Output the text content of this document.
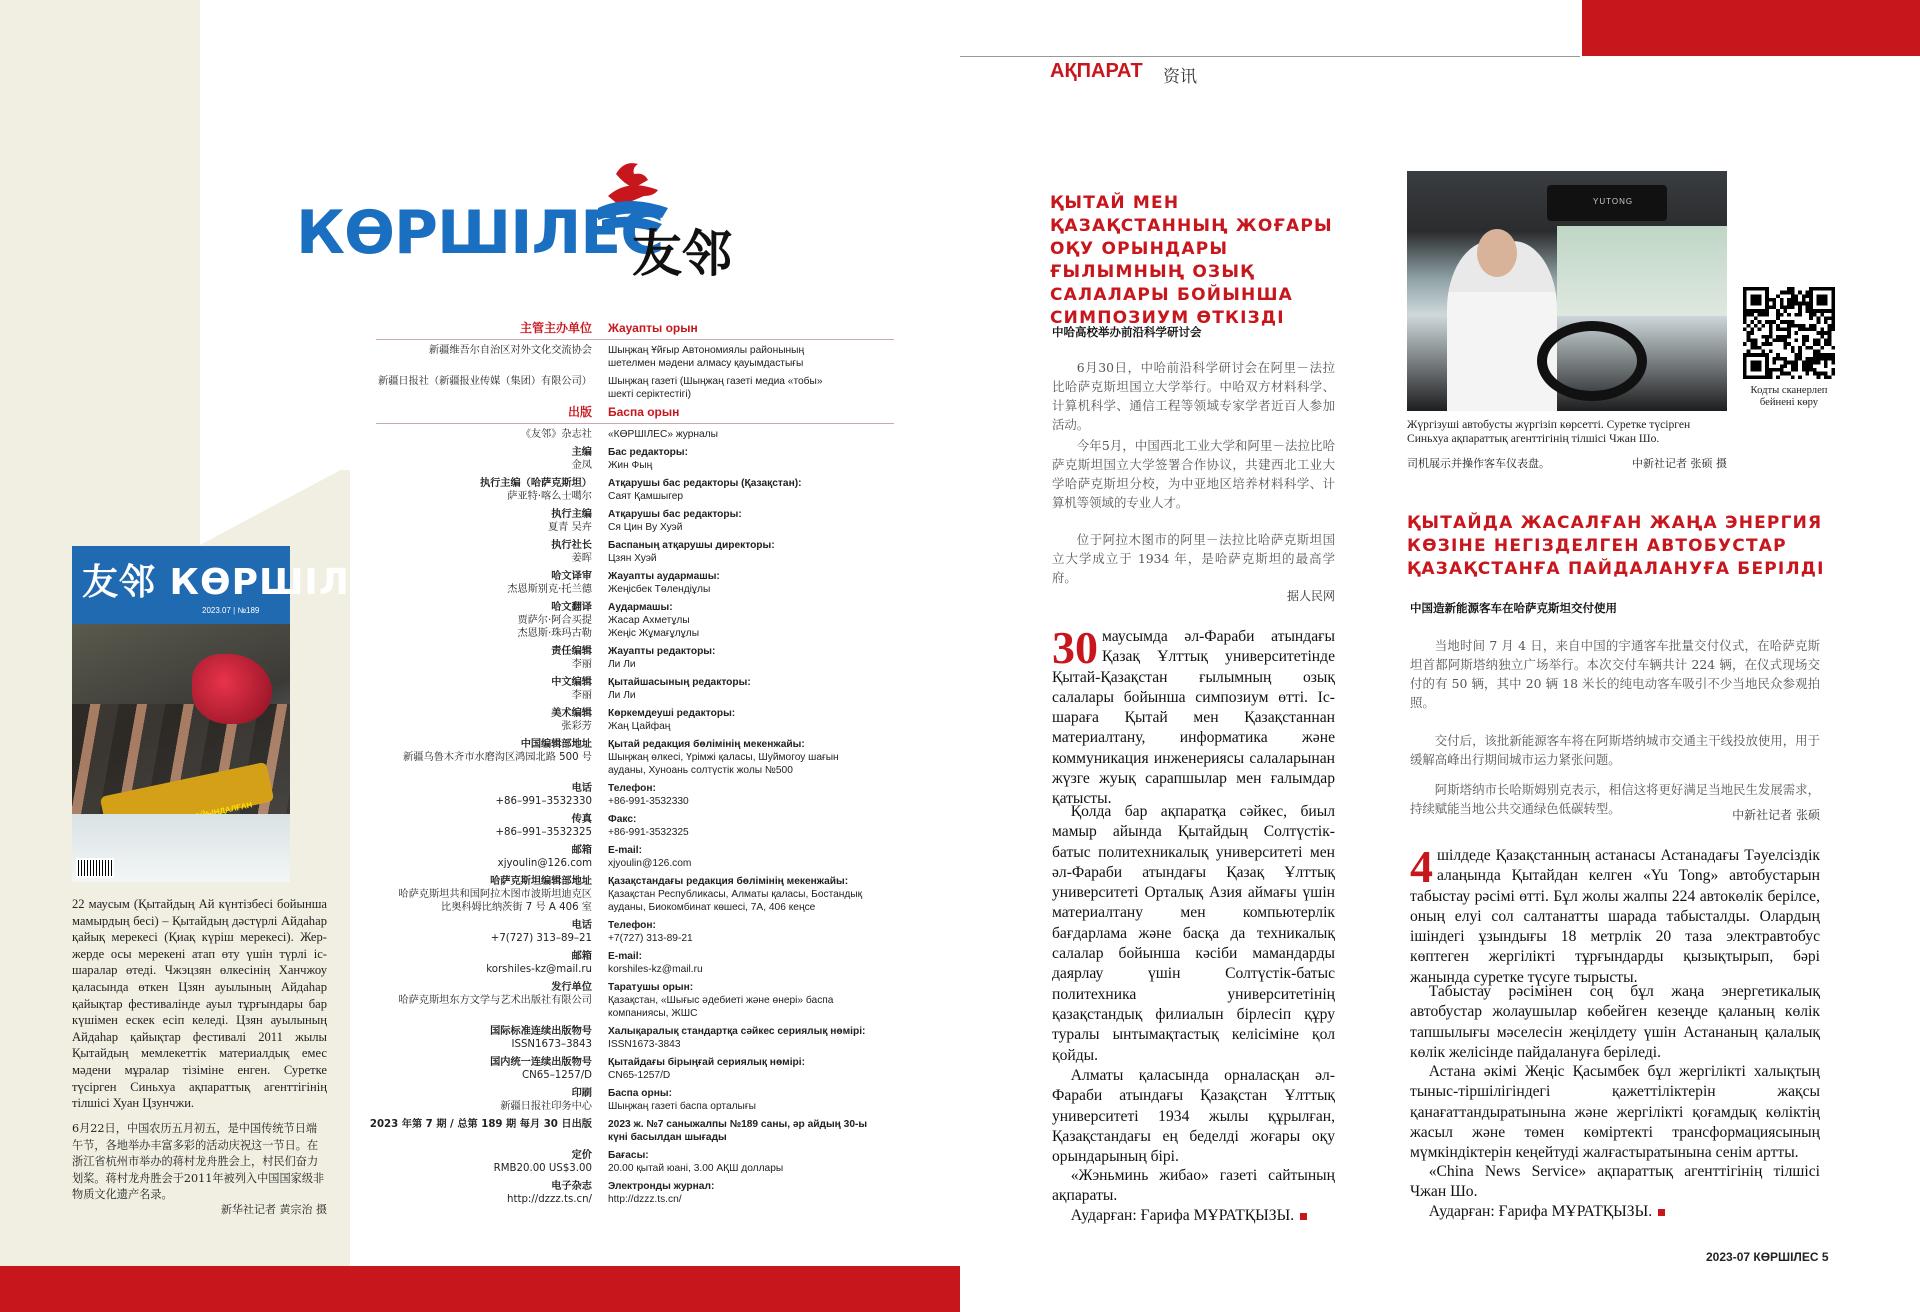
友邻 КӨРШІЛЕС
2023.07 | №189
22 маусым (Қытайдың Ай күнтізбесі бойынша мамырдың бесі) – Қытайдың дәстүрлі Айдаһар қайық мерекесі (Қиақ күріш мерекесі). Жер-жерде осы мерекені атап өту үшін түрлі іс-шаралар өтеді. Чжэцзян өлкесінің Ханчжоу қаласында өткен Цзян ауылының Айдаһар қайықтар фестивалінде ауыл тұрғындары бар күшімен ескек есіп келеді. Цзян ауылының Айдаһар қайықтар фестивалі 2011 жылы Қытайдың мемлекеттік материалдық емес мәдени мұралар тізіміне енген. Суретке түсірген Синьхуа ақпараттық агенттігінің тілшісі Хуан Цзунчжи.
6月22日，中国农历五月初五，是中国传统节日端午节，各地举办丰富多彩的活动庆祝这一节日。在浙江省杭州市举办的蒋村龙舟胜会上，村民们奋力划桨。蒋村龙舟胜会于2011年被列入中国国家级非物质文化遗产名录。
新华社记者 黄宗治 摄
КӨРШІЛЕС
友邻
主管主办单位 Жауапты орын
新疆维吾尔自治区对外文化交流协会 Шыңжаң Ұйғыр Автономиялы районының
шетелмен мәдени алмасу қауымдастығы
新疆日报社（新疆报业传媒（集团）有限公司） Шыңжаң газеті (Шыңжаң газеті медиа «тобы»
шекті серіктестігі)
出版 Баспа орын
《友邻》杂志社 «КӨРШІЛЕС» журналы
主编
金凤
Бас редакторы:
Жин Фың
执行主编（哈萨克斯坦）
萨亚特·喀么士噶尔
Атқарушы бас редакторы (Қазақстан):
Саят Қамшыгер
执行主编
夏青 吴卉
Атқарушы бас редакторы:
Ся Цин Ву Хуэй
执行社长
姜晖
Баспаның атқарушы директоры:
Цзян Хуэй
哈文译审
杰恩斯别克·托兰德
Жауапты аудармашы:
Жеңісбек Төлендіұлы
哈文翻译
贾萨尔·阿合买提
杰恩斯·珠玛古勒
Аудармашы:
Жасар Ахметұлы
Жеңіс Жұмағұлұлы
责任编辑
李丽
Жауапты редакторы:
Ли Ли
中文编辑
李丽
Қытайшасының редакторы:
Ли Ли
美术编辑
张彩芳
Көркемдеуші редакторы:
Жаң Цайфаң
中国编辑部地址
新疆乌鲁木齐市水磨沟区鸿园北路 500 号
Қытай редакция бөлімінің мекенжайы:
Шыңжаң өлкесі, Үрімжі қаласы, Шуймогоу шағын
ауданы, Хуноань солтүстік жолы №500
电话
+86–991–3532330
Телефон:
+86-991-3532330
传真
+86–991–3532325
Факс:
+86-991-3532325
邮箱
xjyoulin@126.com
E-mail:
xjyoulin@126.com
哈萨克斯坦编辑部地址
哈萨克斯坦共和国阿拉木图市波斯坦迪克区
比奥科姆比纳茨街 7 号 A 406 室
Қазақстандағы редакция бөлімінің мекенжайы:
Қазақстан Республикасы, Алматы қаласы, Бостандық
ауданы, Биокомбинат көшесі, 7А, 406 кеңсе
电话
+7(727) 313–89–21
Телефон:
+7(727) 313-89-21
邮箱
korshiles-kz@mail.ru
E-mail:
korshiles-kz@mail.ru
发行单位
哈萨克斯坦东方文学与艺术出版社有限公司
Таратушы орын:
Қазақстан, «Шығыс әдебиеті және өнері» баспа
компаниясы, ЖШС
国际标准连续出版物号
ISSN1673–3843
Халықаралық стандартқа сәйкес сериялық нөмірі:
ISSN1673-3843
国内统一连续出版物号
CN65–1257/D
Қытайдағы бірыңғай сериялық нөмірі:
CN65-1257/D
印刷
新疆日报社印务中心
Баспа орны:
Шыңжаң газеті баспа орталығы
2023 年第 7 期 / 总第 189 期 每月 30 日出版 2023 ж. №7 саныжалпы №189 саны, әр айдың 30-ы
күні басылдан шығады
定价
RMB20.00 US$3.00
Бағасы:
20.00 қытай юані, 3.00 АҚШ доллары
电子杂志
http://dzzz.ts.cn/
Электронды журнал:
http://dzzz.ts.cn/
АҚПАРАТ 资讯
ҚЫТАЙ МЕН ҚАЗАҚСТАННЫҢ ЖОҒАРЫ ОҚУ ОРЫНДАРЫ ҒЫЛЫМНЫҢ ОЗЫҚ САЛАЛАРЫ БОЙЫНША СИМПОЗИУМ ӨТКІЗДІ
中哈高校举办前沿科学研讨会
6月30日，中哈前沿科学研讨会在阿里－法拉比哈萨克斯坦国立大学举行。中哈双方材料科学、计算机科学、通信工程等领域专家学者近百人参加活动。
今年5月，中国西北工业大学和阿里－法拉比哈萨克斯坦国立大学签署合作协议，共建西北工业大学哈萨克斯坦分校，为中亚地区培养材料科学、计算机等领域的专业人才。
位于阿拉木图市的阿里－法拉比哈萨克斯坦国立大学成立于 1934 年，是哈萨克斯坦的最高学府。
据人民网
30 маусымда әл-Фараби атындағы Қазақ Ұлттық университетінде Қытай-Қазақстан ғылымның озық салалары бойынша симпозиум өтті. Іс-шараға Қытай мен Қазақстаннан материалтану, информатика және коммуникация инженериясы салаларынан жүзге жуық сарапшылар мен ғалымдар қатысты.
Қолда бар ақпаратқа сәйкес, биыл мамыр айында Қытайдың Солтүстік-батыс политехникалық университеті мен әл-Фараби атындағы Қазақ Ұлттық университеті Орталық Азия аймағы үшін материалтану мен компьютерлік бағдарлама және басқа да техникалық салалар бойынша кәсіби мамандарды даярлау үшін Солтүстік-батыс политехника университетінің қазақстандық филиалын бірлесіп құру туралы ынтымақтастық келісіміне қол қойды.
Алматы қаласында орналасқан әл-Фараби атындағы Қазақстан Ұлттық университеті 1934 жылы құрылған, Қазақстандағы ең беделді жоғары оқу орындарының бірі.
«Жэньминь жибао» газеті сайтының ақпараты.
Аударған: Ғарифа МҰРАТҚЫЗЫ.
YUTONG
Жүргізуші автобусты жүргізіп көрсетті. Суретке түсірген Синьхуа ақпараттық агенттігінің тілшісі Чжан Шо.
司机展示并操作客车仪表盘。	中新社记者 张硕 摄
Кодты сканерлеп бейнені көру
ҚЫТАЙДА ЖАСАЛҒАН ЖАҢА ЭНЕРГИЯ КӨЗІНЕ НЕГІЗДЕЛГЕН АВТОБУСТАР ҚАЗАҚСТАНҒА ПАЙДАЛАНУҒА БЕРІЛДІ
中国造新能源客车在哈萨克斯坦交付使用
当地时间 7 月 4 日，来自中国的宇通客车批量交付仪式，在哈萨克斯坦首都阿斯塔纳独立广场举行。本次交付车辆共计 224 辆，在仪式现场交付的有 50 辆，其中 20 辆 18 米长的纯电动客车吸引不少当地民众参观拍照。
交付后，该批新能源客车将在阿斯塔纳城市交通主干线投放使用，用于缓解高峰出行期间城市运力紧张问题。
阿斯塔纳市长哈斯姆别克表示，相信这将更好满足当地民生发展需求，持续赋能当地公共交通绿色低碳转型。	中新社记者 张硕
4 шілдеде Қазақстанның астанасы Астанадағы Тәуелсіздік алаңында Қытайдан келген «Yu Tong» автобустарын табыстау рәсімі өтті. Бұл жолы жалпы 224 автокөлік берілсе, оның елуі сол салтанатты шарада табысталды. Олардың ішіндегі ұзындығы 18 метрлік 20 таза электравтобус көптеген жергілікті тұрғындарды қызықтырып, бәрі жанында суретке түсуге тырысты.
Табыстау рәсімінен соң бұл жаңа энергетикалық автобустар жолаушылар көбейген кезеңде қаланың көлік тапшылығы мәселесін жеңілдету үшін Астананың қалалық көлік желісінде пайдалануға беріледі.
Астана әкімі Жеңіс Қасымбек бұл жергілікті халықтың тыныс-тіршілігіндегі қажеттіліктерін жақсы қанағаттандыратынына және жергілікті қоғамдық көліктің жасыл және төмен көміртекті трансформациясының мүмкіндіктерін кеңейтуді жалғастыратынына сенім артты.
«China News Service» ақпараттық агенттігінің тілшісі Чжан Шо.
Аударған: Ғарифа МҰРАТҚЫЗЫ.
2023-07 КӨРШІЛЕС 5
